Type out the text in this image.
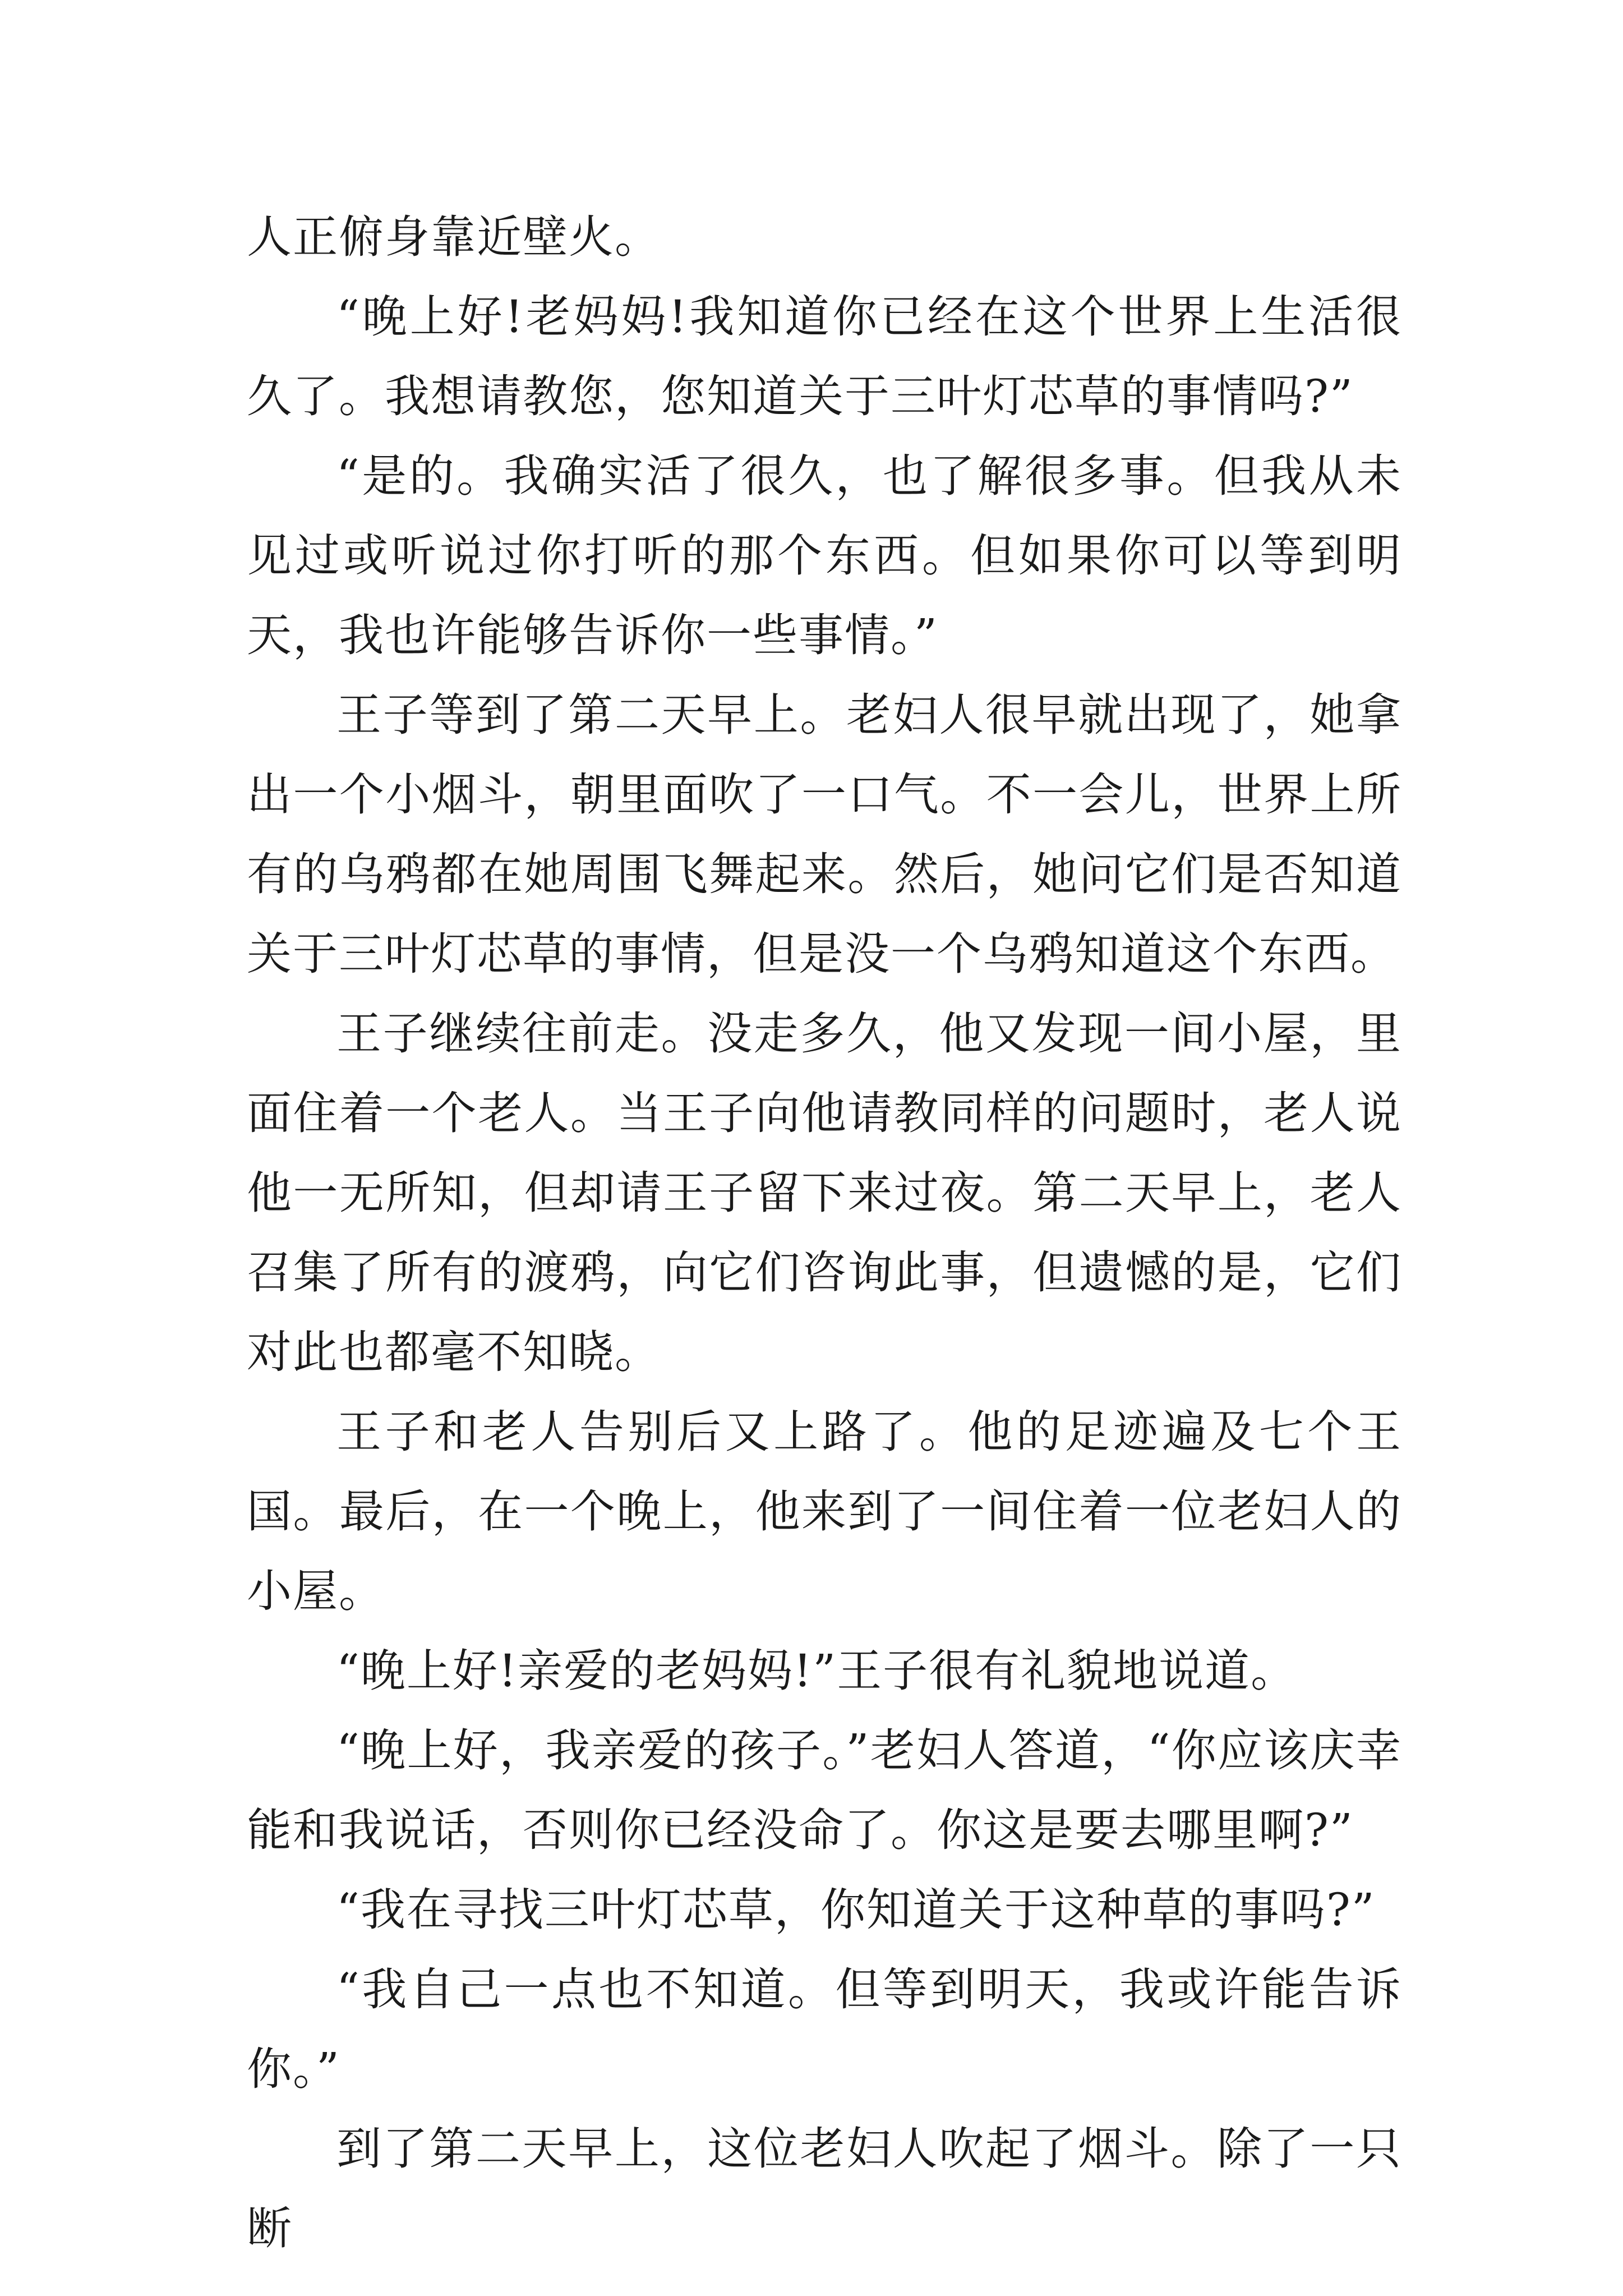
人正俯身靠近壁火。

“晚上好!老妈妈!我知道你已经在这个世界上生活很久了。我想请教您，您知道关于三叶灯芯草的事情吗?”

“是的。我确实活了很久，也了解很多事。但我从未见过或听说过你打听的那个东西。但如果你可以等到明天，我也许能够告诉你一些事情。”

王子等到了第二天早上。老妇人很早就出现了，她拿出一个小烟斗，朝里面吹了一口气。不一会儿，世界上所有的乌鸦都在她周围飞舞起来。然后，她问它们是否知道关于三叶灯芯草的事情，但是没一个乌鸦知道这个东西。

王子继续往前走。没走多久，他又发现一间小屋，里面住着一个老人。当王子向他请教同样的问题时，老人说他一无所知，但却请王子留下来过夜。第二天早上，老人召集了所有的渡鸦，向它们咨询此事，但遗憾的是，它们对此也都毫不知晓。

王子和老人告别后又上路了。他的足迹遍及七个王国。最后，在一个晚上，他来到了一间住着一位老妇人的小屋。

“晚上好!亲爱的老妈妈!”王子很有礼貌地说道。

“晚上好，我亲爱的孩子。”老妇人答道，“你应该庆幸能和我说话，否则你已经没命了。你这是要去哪里啊?”

“我在寻找三叶灯芯草，你知道关于这种草的事吗?”

“我自己一点也不知道。但等到明天，我或许能告诉你。”

到了第二天早上，这位老妇人吹起了烟斗。除了一只断
